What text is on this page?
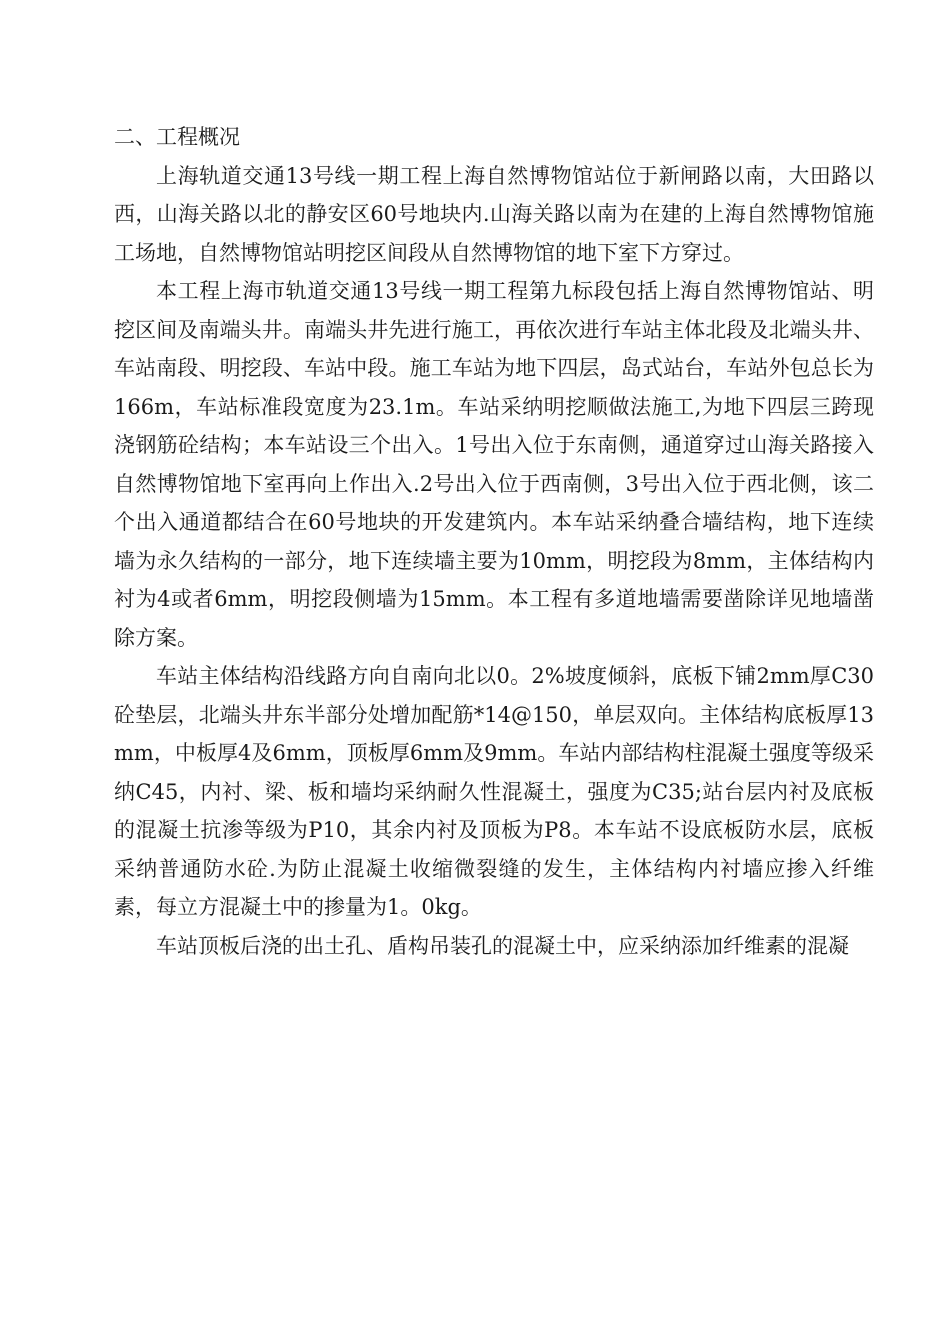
二、工程概况

上海轨道交通13号线一期工程上海自然博物馆站位于新闸路以南，大田路以西，山海关路以北的静安区60号地块内.山海关路以南为在建的上海自然博物馆施工场地，自然博物馆站明挖区间段从自然博物馆的地下室下方穿过。

本工程上海市轨道交通13号线一期工程第九标段包括上海自然博物馆站、明挖区间及南端头井。南端头井先进行施工，再依次进行车站主体北段及北端头井、车站南段、明挖段、车站中段。施工车站为地下四层，岛式站台，车站外包总长为166m，车站标准段宽度为23.1m。车站采纳明挖顺做法施工,为地下四层三跨现浇钢筋砼结构；本车站设三个出入。1号出入位于东南侧，通道穿过山海关路接入自然博物馆地下室再向上作出入.2号出入位于西南侧，3号出入位于西北侧，该二个出入通道都结合在60号地块的开发建筑内。本车站采纳叠合墙结构，地下连续墙为永久结构的一部分，地下连续墙主要为10mm，明挖段为8mm，主体结构内衬为4或者6mm，明挖段侧墙为15mm。本工程有多道地墙需要凿除详见地墙凿除方案。

车站主体结构沿线路方向自南向北以0。2%坡度倾斜，底板下铺2mm厚C30砼垫层，北端头井东半部分处增加配筋*14@150，单层双向。主体结构底板厚13mm，中板厚4及6mm，顶板厚6mm及9mm。车站内部结构柱混凝土强度等级采纳C45，内衬、梁、板和墙均采纳耐久性混凝土，强度为C35;站台层内衬及底板的混凝土抗渗等级为P10，其余内衬及顶板为P8。本车站不设底板防水层，底板采纳普通防水砼.为防止混凝土收缩微裂缝的发生，主体结构内衬墙应掺入纤维素，每立方混凝土中的掺量为1。0kg。

车站顶板后浇的出土孔、盾构吊装孔的混凝土中，应采纳添加纤维素的混凝
